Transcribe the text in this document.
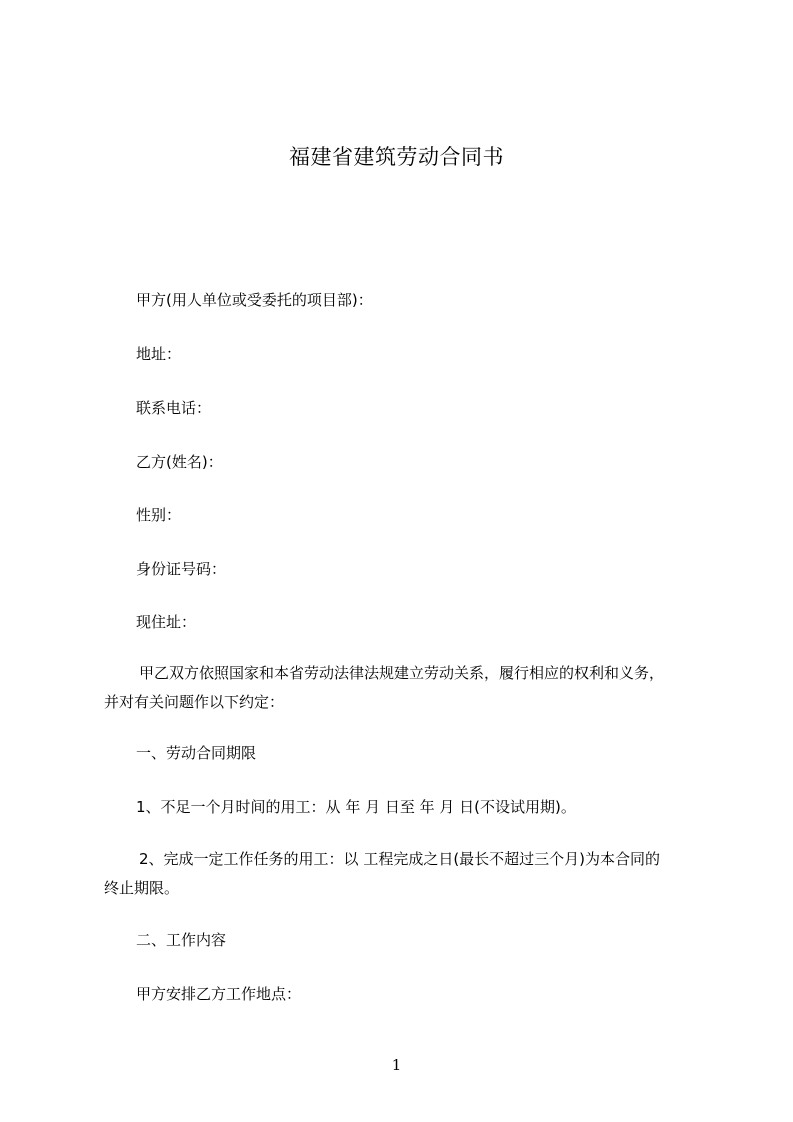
福建省建筑劳动合同书
甲方(用人单位或受委托的项目部)：
地址：
联系电话：
乙方(姓名)：
性别：
身份证号码：
现住址：
甲乙双方依照国家和本省劳动法律法规建立劳动关系，履行相应的权利和义务，
并对有关问题作以下约定：
一、劳动合同期限
1、不足一个月时间的用工：从 年 月 日至 年 月 日(不设试用期)。
2、完成一定工作任务的用工：以 工程完成之日(最长不超过三个月)为本合同的
终止期限。
二、工作内容
甲方安排乙方工作地点：
1
